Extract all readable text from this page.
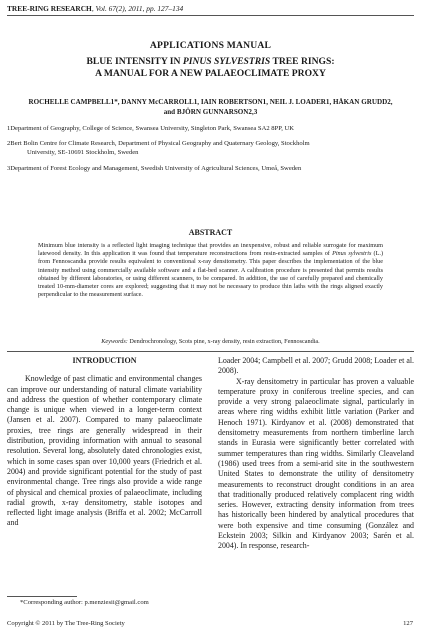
TREE-RING RESEARCH, Vol. 67(2), 2011, pp. 127–134
APPLICATIONS MANUAL
BLUE INTENSITY IN PINUS SYLVESTRIS TREE RINGS:
A MANUAL FOR A NEW PALAEOCLIMATE PROXY
ROCHELLE CAMPBELL1*, DANNY McCARROLL1, IAIN ROBERTSON1, NEIL J. LOADER1, HÅKAN GRUDD2,
and BJÖRN GUNNARSON2,3
1Department of Geography, College of Science, Swansea University, Singleton Park, Swansea SA2 8PP, UK
2Bert Bolin Centre for Climate Research, Department of Physical Geography and Quaternary Geology, Stockholm
University, SE-10691 Stockholm, Sweden
3Department of Forest Ecology and Management, Swedish University of Agricultural Sciences, Umeå, Sweden
ABSTRACT
Minimum blue intensity is a reflected light imaging technique that provides an inexpensive, robust and reliable surrogate for maximum latewood density. In this application it was found that temperature reconstructions from resin-extracted samples of Pinus sylvestris (L.) from Fennoscandia provide results equivalent to conventional x-ray densitometry. This paper describes the implementation of the blue intensity method using commercially available software and a flat-bed scanner. A calibration procedure is presented that permits results obtained by different laboratories, or using different scanners, to be compared. In addition, the use of carefully prepared and chemically treated 10-mm-diameter cores are explored; suggesting that it may not be necessary to produce thin laths with the rings aligned exactly perpendicular to the measurement surface.
Keywords: Dendrochronology, Scots pine, x-ray density, resin extraction, Fennoscandia.
INTRODUCTION

Knowledge of past climatic and environmental changes can improve our understanding of natural climate variability and address the question of whether contemporary climate change is unique when viewed in a longer-term context (Jansen et al. 2007). Compared to many palaeoclimate proxies, tree rings are generally widespread in their distribution, providing information with annual to seasonal resolution. Several long, absolutely dated chronologies exist, which in some cases span over 10,000 years (Friedrich et al. 2004) and provide significant potential for the study of past environmental change. Tree rings also provide a wide range of physical and chemical proxies of palaeoclimate, including radial growth, x-ray densitometry, stable isotopes and reflected light image analysis (Briffa et al. 2002; McCarroll and

Loader 2004; Campbell et al. 2007; Grudd 2008; Loader et al. 2008).

X-ray densitometry in particular has proven a valuable temperature proxy in coniferous treeline species, and can provide a very strong palaeoclimate signal, particularly in areas where ring widths exhibit little variation (Parker and Henoch 1971). Kirdyanov et al. (2008) demonstrated that densitometry measurements from northern timberline larch stands in Eurasia were significantly better correlated with summer temperatures than ring widths. Similarly Cleaveland (1986) used trees from a semi-arid site in the southwestern United States to demonstrate the utility of densitometry measurements to reconstruct drought conditions in an area that traditionally produced relatively complacent ring width series. However, extracting density information from trees has historically been hindered by analytical procedures that were both expensive and time consuming (González and Eckstein 2003; Silkin and Kirdyanov 2003; Sarén et al. 2004). In response, research-

*Corresponding author: p.menziesii@gmail.com
Copyright © 2011 by The Tree-Ring Society	127
